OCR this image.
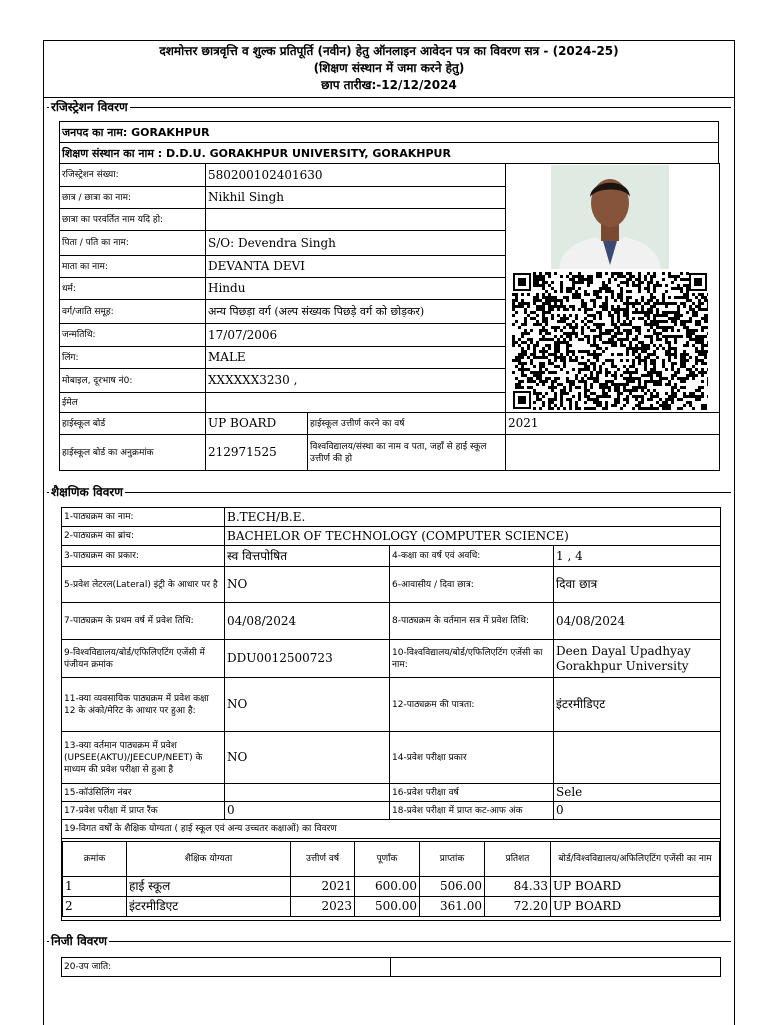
दशमोत्तर छात्रवृत्ति व शुल्क प्रतिपूर्ति (नवीन) हेतु ऑनलाइन आवेदन पत्र का विवरण सत्र - (2024-25)
(शिक्षण संस्थान में जमा करने हेतु)
छाप तारीख:-12/12/2024
रजिस्ट्रेशन विवरण
जनपद का नाम: GORAKHPUR
शिक्षण संस्थान का नाम : D.D.U. GORAKHPUR UNIVERSITY, GORAKHPUR
रजिस्ट्रेशन संख्या:	580200102401630	

छात्र / छात्रा का नाम:	Nikhil Singh		
छात्रा का परवर्तित नाम यदि हो:			
पिता / पति का नाम:	S/O: Devendra Singh		
माता का नाम:	DEVANTA DEVI		
धर्म:	Hindu		
वर्ग/जाति समूह:	अन्य पिछड़ा वर्ग (अल्प संख्यक पिछड़े वर्ग को छोड़कर)		
जन्मतिथि:	17/07/2006		
लिंग:	MALE		
मोबाइल, दूरभाष नं0:	XXXXXX3230 ,		
ईमेल			
हाईस्कूल बोर्ड	UP BOARD	हाईस्कूल उत्तीर्ण करने का वर्ष	2021
हाईस्कूल बोर्ड का अनुक्रमांक	212971525	विश्वविद्यालय/संस्था का नाम व पता, जहाँ से हाई स्कूल उत्तीर्ण की हो	
शैक्षणिक विवरण
1-पाठ्यक्रम का नाम:	B.TECH/B.E.
2-पाठ्यक्रम का ब्रांच:	BACHELOR OF TECHNOLOGY (COMPUTER SCIENCE)
3-पाठ्यक्रम का प्रकार:	स्व वित्तपोषित	4-कक्षा का वर्ष एवं अवधि:	1 , 4
5-प्रवेश लेटरल(Lateral) इंट्री के आधार पर है	NO	6-आवासीय / दिवा छात्र:	दिवा छात्र
7-पाठ्यक्रम के प्रथम वर्ष में प्रवेश तिथि:	04/08/2024	8-पाठ्यक्रम के वर्तमान सत्र में प्रवेश तिथि:	04/08/2024
9-विश्वविद्यालय/बोर्ड/एफिलिएटिंग एजेंसी में पंजीयन क्रमांक	DDU0012500723	10-विश्वविद्यालय/बोर्ड/एफिलिएटिंग एजेंसी का नाम:	Deen Dayal Upadhyay Gorakhpur University
11-क्या व्यवसायिक पाठ्यक्रम में प्रवेश कक्षा 12 के अंको/मेरिट के आधार पर हुआ है:	NO	12-पाठ्यक्रम की पात्रता:	इंटरमीडिएट
13-क्या वर्तमान पाठ्यक्रम में प्रवेश (UPSEE(AKTU)/JEECUP/NEET) के माध्यम की प्रवेश परीक्षा से हुआ है	NO	14-प्रवेश परीक्षा प्रकार	
15-कॉउंसिलिंग नंबर		16-प्रवेश परीक्षा वर्ष	Sele
17-प्रवेश परीक्षा में प्राप्त रैंक	0	18-प्रवेश परीक्षा में प्राप्त कट-आफ अंक	0
19-विगत वर्षों के शैक्षिक योग्यता ( हाई स्कूल एवं अन्य उच्चतर कक्षाओं) का विवरण

क्रमांक	शैक्षिक योग्यता	उत्तीर्ण वर्ष	पूर्णांक	प्राप्तांक	प्रतिशत	बोर्ड/विश्वविद्यालय/अफिलिएटिंग एजेंसी का नाम
1	हाई स्कूल	2021	600.00	506.00	84.33	UP BOARD
2	इंटरमीडिएट	2023	500.00	361.00	72.20	UP BOARD
निजी विवरण
20-उप जाति:	
